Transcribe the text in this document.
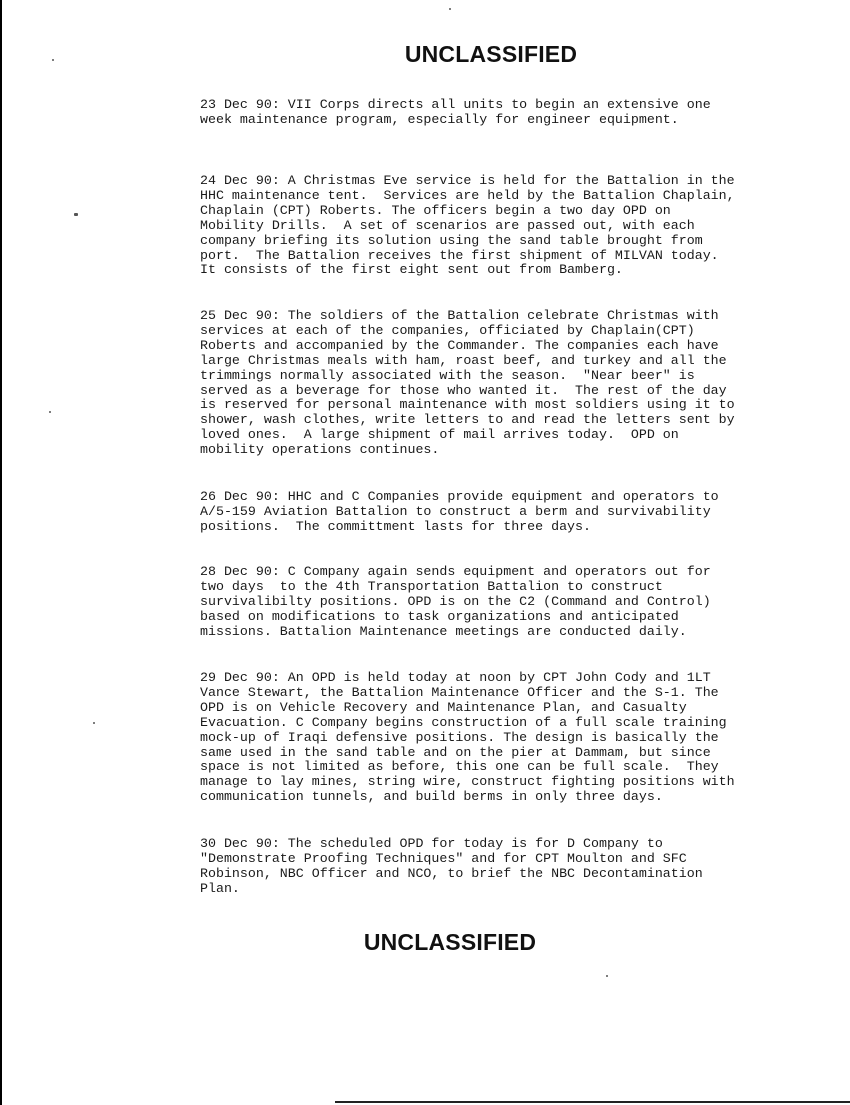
UNCLASSIFIED

23 Dec 90: VII Corps directs all units to begin an extensive one
week maintenance program, especially for engineer equipment.

24 Dec 90: A Christmas Eve service is held for the Battalion in the
HHC maintenance tent.  Services are held by the Battalion Chaplain,
Chaplain (CPT) Roberts. The officers begin a two day OPD on
Mobility Drills.  A set of scenarios are passed out, with each
company briefing its solution using the sand table brought from
port.  The Battalion receives the first shipment of MILVAN today.
It consists of the first eight sent out from Bamberg.

25 Dec 90: The soldiers of the Battalion celebrate Christmas with
services at each of the companies, officiated by Chaplain(CPT)
Roberts and accompanied by the Commander. The companies each have
large Christmas meals with ham, roast beef, and turkey and all the
trimmings normally associated with the season.  "Near beer" is
served as a beverage for those who wanted it.  The rest of the day
is reserved for personal maintenance with most soldiers using it to
shower, wash clothes, write letters to and read the letters sent by
loved ones.  A large shipment of mail arrives today.  OPD on
mobility operations continues.

26 Dec 90: HHC and C Companies provide equipment and operators to
A/5-159 Aviation Battalion to construct a berm and survivability
positions.  The committment lasts for three days.

28 Dec 90: C Company again sends equipment and operators out for
two days  to the 4th Transportation Battalion to construct
survivalibilty positions. OPD is on the C2 (Command and Control)
based on modifications to task organizations and anticipated
missions. Battalion Maintenance meetings are conducted daily.

29 Dec 90: An OPD is held today at noon by CPT John Cody and 1LT
Vance Stewart, the Battalion Maintenance Officer and the S-1. The
OPD is on Vehicle Recovery and Maintenance Plan, and Casualty
Evacuation. C Company begins construction of a full scale training
mock-up of Iraqi defensive positions. The design is basically the
same used in the sand table and on the pier at Dammam, but since
space is not limited as before, this one can be full scale.  They
manage to lay mines, string wire, construct fighting positions with
communication tunnels, and build berms in only three days.

30 Dec 90: The scheduled OPD for today is for D Company to
"Demonstrate Proofing Techniques" and for CPT Moulton and SFC
Robinson, NBC Officer and NCO, to brief the NBC Decontamination
Plan.

UNCLASSIFIED
